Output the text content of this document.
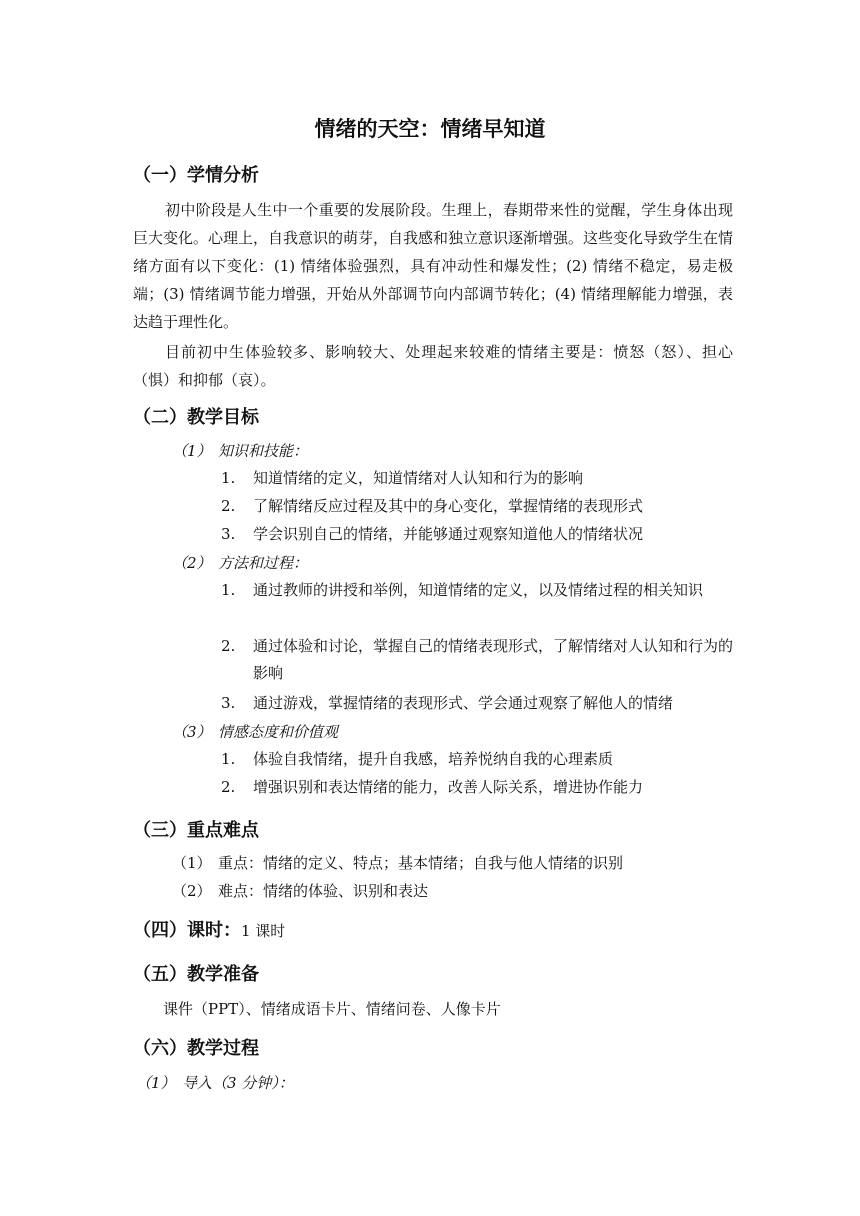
情绪的天空：情绪早知道
（一）学情分析
初中阶段是人生中一个重要的发展阶段。生理上，春期带来性的觉醒，学生身体出现巨大变化。心理上，自我意识的萌芽，自我感和独立意识逐渐增强。这些变化导致学生在情绪方面有以下变化：(1) 情绪体验强烈，具有冲动性和爆发性；(2) 情绪不稳定，易走极端；(3) 情绪调节能力增强，开始从外部调节向内部调节转化；(4) 情绪理解能力增强，表达趋于理性化。
目前初中生体验较多、影响较大、处理起来较难的情绪主要是：愤怒（怒）、担心（惧）和抑郁（哀）。
（二）教学目标
（1） 知识和技能：
1.	知道情绪的定义，知道情绪对人认知和行为的影响
2.	了解情绪反应过程及其中的身心变化，掌握情绪的表现形式
3.	学会识别自己的情绪，并能够通过观察知道他人的情绪状况
（2） 方法和过程：
1.	通过教师的讲授和举例，知道情绪的定义，以及情绪过程的相关知识
2.	通过体验和讨论，掌握自己的情绪表现形式，了解情绪对人认知和行为的影响
3.	通过游戏，掌握情绪的表现形式、学会通过观察了解他人的情绪
（3） 情感态度和价值观
1.	体验自我情绪，提升自我感，培养悦纳自我的心理素质
2.	增强识别和表达情绪的能力，改善人际关系，增进协作能力
（三）重点难点
（1） 重点：情绪的定义、特点；基本情绪；自我与他人情绪的识别
（2） 难点：情绪的体验、识别和表达
（四）课时：1 课时
（五）教学准备
课件（PPT）、情绪成语卡片、情绪问卷、人像卡片
（六）教学过程
（1） 导入（3 分钟）：
